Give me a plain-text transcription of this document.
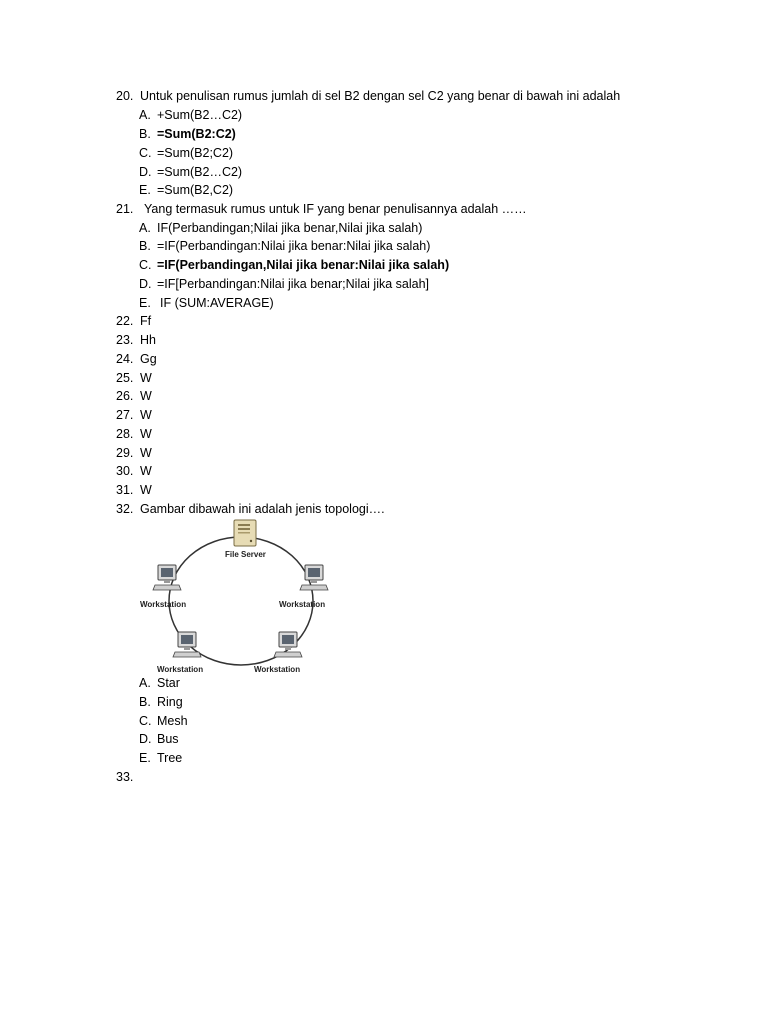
20. Untuk penulisan rumus jumlah di sel B2 dengan sel C2 yang benar di bawah ini adalah
A. +Sum(B2…C2)
B. =Sum(B2:C2)
C. =Sum(B2;C2)
D. =Sum(B2…C2)
E. =Sum(B2,C2)
21. Yang termasuk rumus untuk IF yang benar penulisannya adalah ……
A. IF(Perbandingan;Nilai jika benar,Nilai jika salah)
B. =IF(Perbandingan:Nilai jika benar:Nilai jika salah)
C. =IF(Perbandingan,Nilai jika benar:Nilai jika salah)
D. =IF[Perbandingan:Nilai jika benar;Nilai jika salah]
E. IF (SUM:AVERAGE)
22. Ff
23. Hh
24. Gg
25. W
26. W
27. W
28. W
29. W
30. W
31. W
32. Gambar dibawah ini adalah jenis topologi….
File Server
Workstation	Workstation
Workstation	Workstation
A. Star
B. Ring
C. Mesh
D. Bus
E. Tree
33.
